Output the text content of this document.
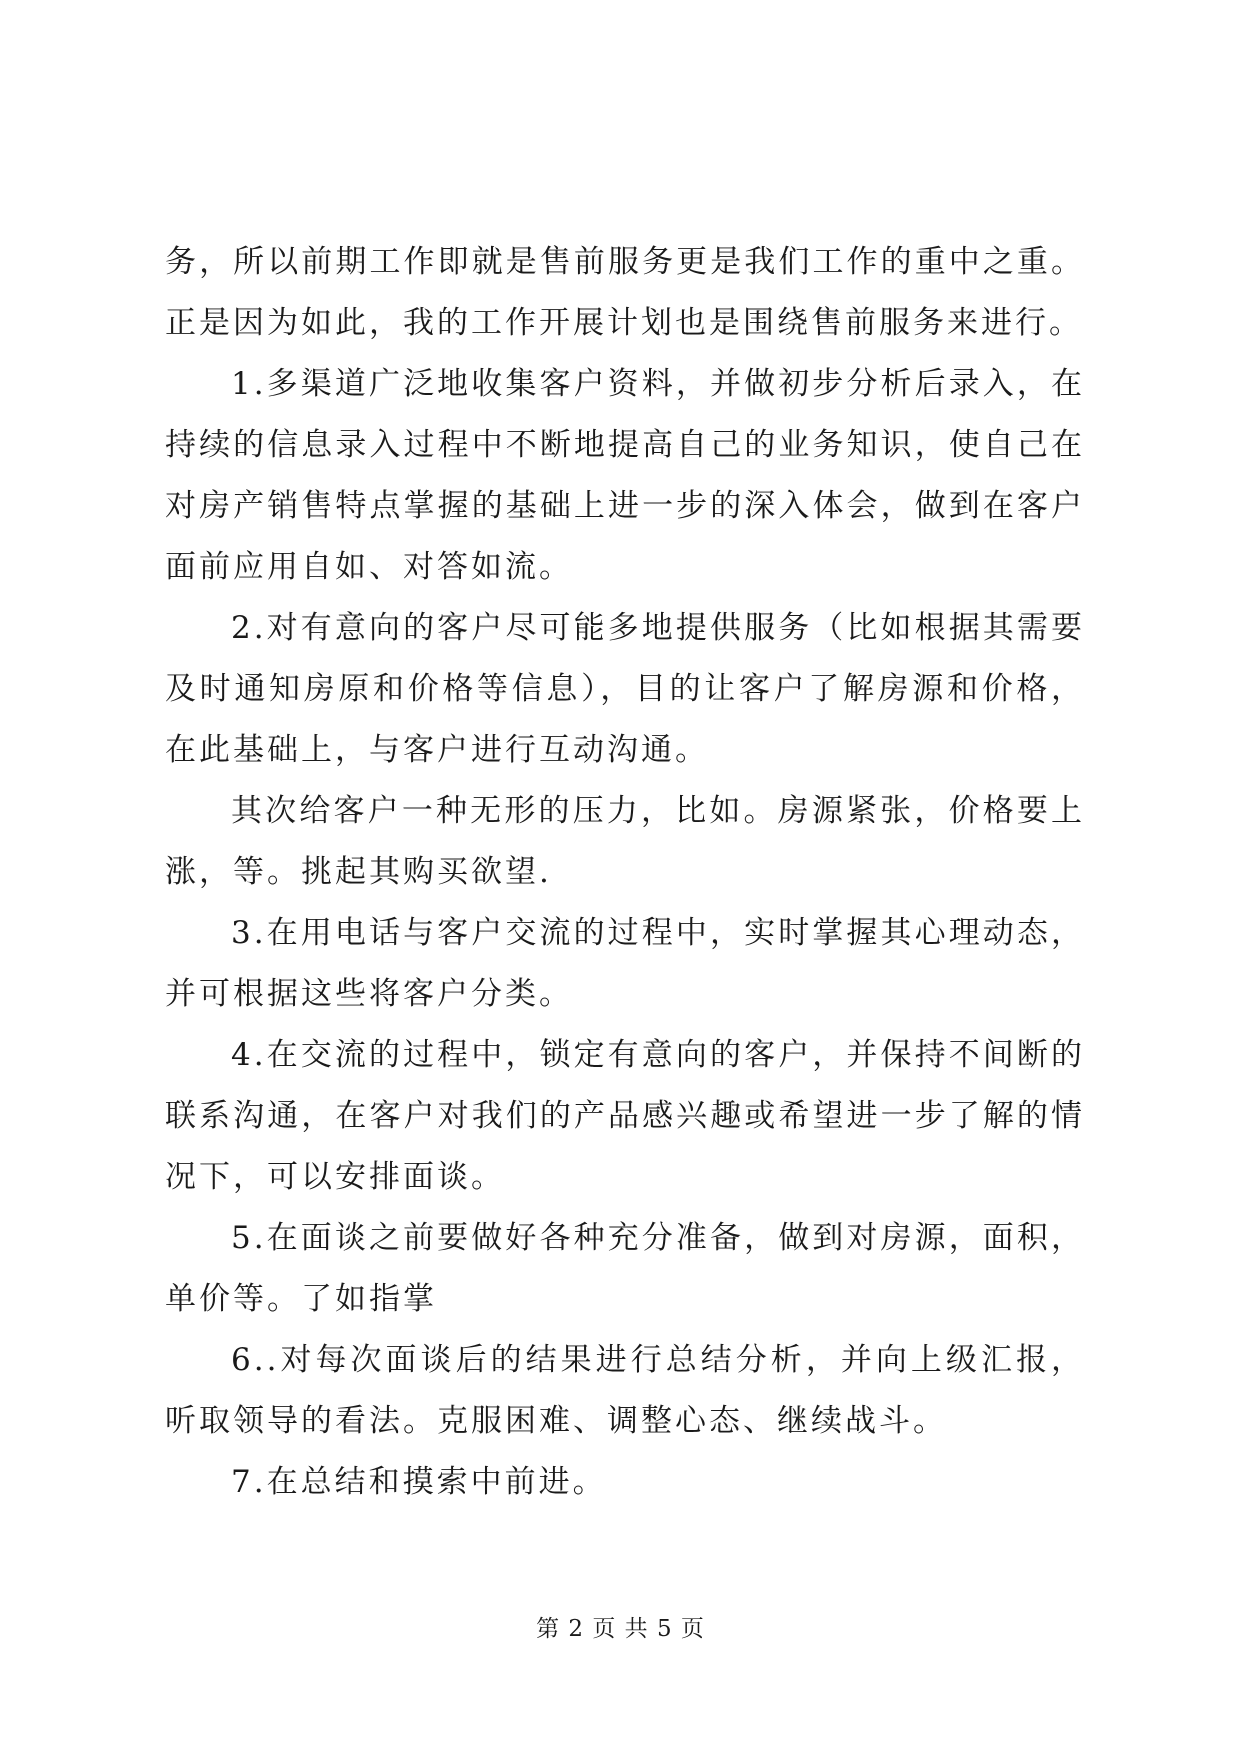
务，所以前期工作即就是售前服务更是我们工作的重中之重。正是因为如此，我的工作开展计划也是围绕售前服务来进行。

1.多渠道广泛地收集客户资料，并做初步分析后录入，在持续的信息录入过程中不断地提高自己的业务知识，使自己在对房产销售特点掌握的基础上进一步的深入体会，做到在客户面前应用自如、对答如流。

2.对有意向的客户尽可能多地提供服务（比如根据其需要及时通知房原和价格等信息），目的让客户了解房源和价格，在此基础上，与客户进行互动沟通。

其次给客户一种无形的压力，比如。房源紧张，价格要上涨，等。挑起其购买欲望.

3.在用电话与客户交流的过程中，实时掌握其心理动态，并可根据这些将客户分类。

4.在交流的过程中，锁定有意向的客户，并保持不间断的联系沟通，在客户对我们的产品感兴趣或希望进一步了解的情况下，可以安排面谈。

5.在面谈之前要做好各种充分准备，做到对房源，面积，单价等。了如指掌

6..对每次面谈后的结果进行总结分析，并向上级汇报，听取领导的看法。克服困难、调整心态、继续战斗。

7.在总结和摸索中前进。

第 2 页 共 5 页
